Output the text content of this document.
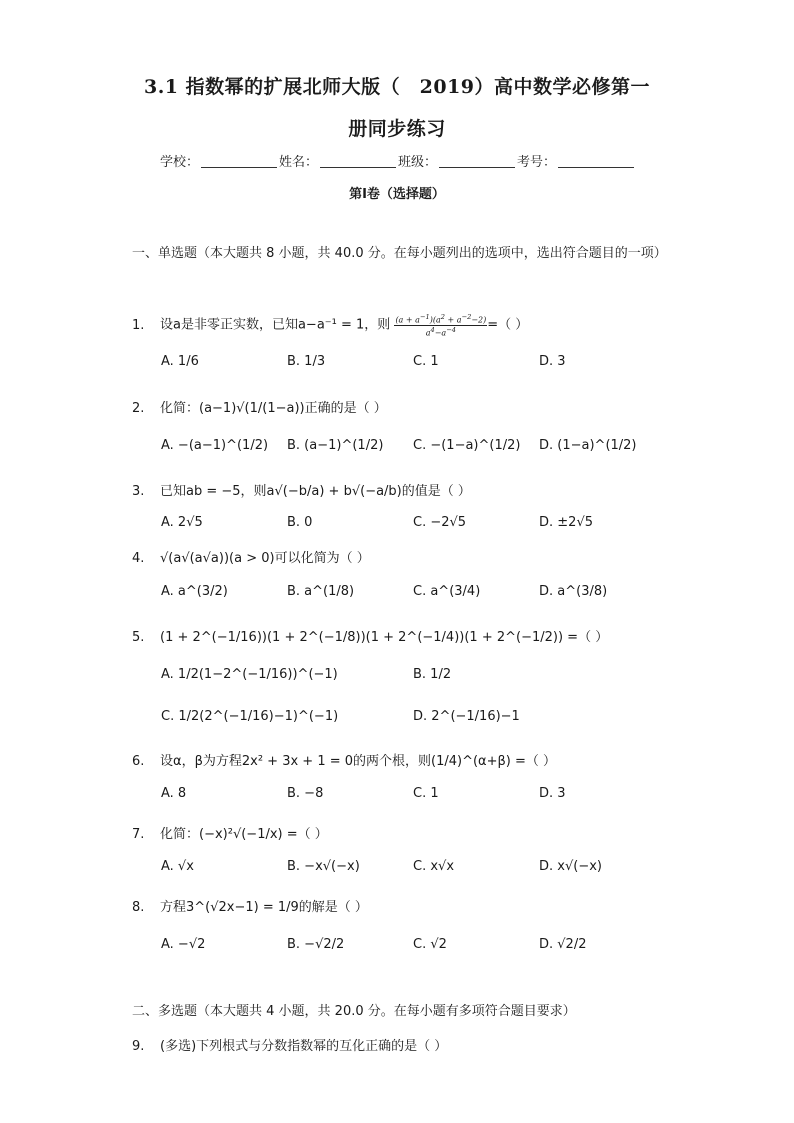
3.1 指数幂的扩展北师大版（　2019）高中数学必修第一
册同步练习
学校：	姓名：	班级：	考号：
第I卷（选择题）
一、单选题（本大题共 8 小题，共 40.0 分。在每小题列出的选项中，选出符合题目的一项）
1. 设a是非零正实数，已知a−a⁻¹ = 1，则 $\frac{(a + a^{-1})(a^2 + a^{-2}-2)}{a^4-a^{-4}}$ =（ ）
A. 1/6	B. 1/3	C. 1	D. 3
2. 化简：(a−1)√(1/(1−a))正确的是（ ）
A. −(a−1)^(1/2) B. (a−1)^(1/2) C. −(1−a)^(1/2) D. (1−a)^(1/2)
3. 已知ab = −5，则a√(−b/a) + b√(−a/b)的值是（ ）
A. 2√5	B. 0	C. −2√5	D. ±2√5
4. √(a√(a√a))(a > 0)可以化简为（ ）
A. a^(3/2)	B. a^(1/8)	C. a^(3/4)	D. a^(3/8)
5. (1 + 2^(−1/16))(1 + 2^(−1/8))(1 + 2^(−1/4))(1 + 2^(−1/2)) =（ ）
A. 1/2(1−2^(−1/16))^(−1)	B. 1/2
C. 1/2(2^(−1/16)−1)^(−1)	D. 2^(−1/16)−1
6. 设α，β为方程2x² + 3x + 1 = 0的两个根，则(1/4)^(α+β) =（ ）
A. 8	B. −8	C. 1	D. 3
7. 化简：(−x)²√(−1/x) =（ ）
A. √x	B. −x√(−x)	C. x√x	D. x√(−x)
8. 方程3^(√2x−1) = 1/9的解是（ ）
A. −√2	B. −√2/2	C. √2	D. √2/2
二、多选题（本大题共 4 小题，共 20.0 分。在每小题有多项符合题目要求）
9. (多选)下列根式与分数指数幂的互化正确的是（ ）
